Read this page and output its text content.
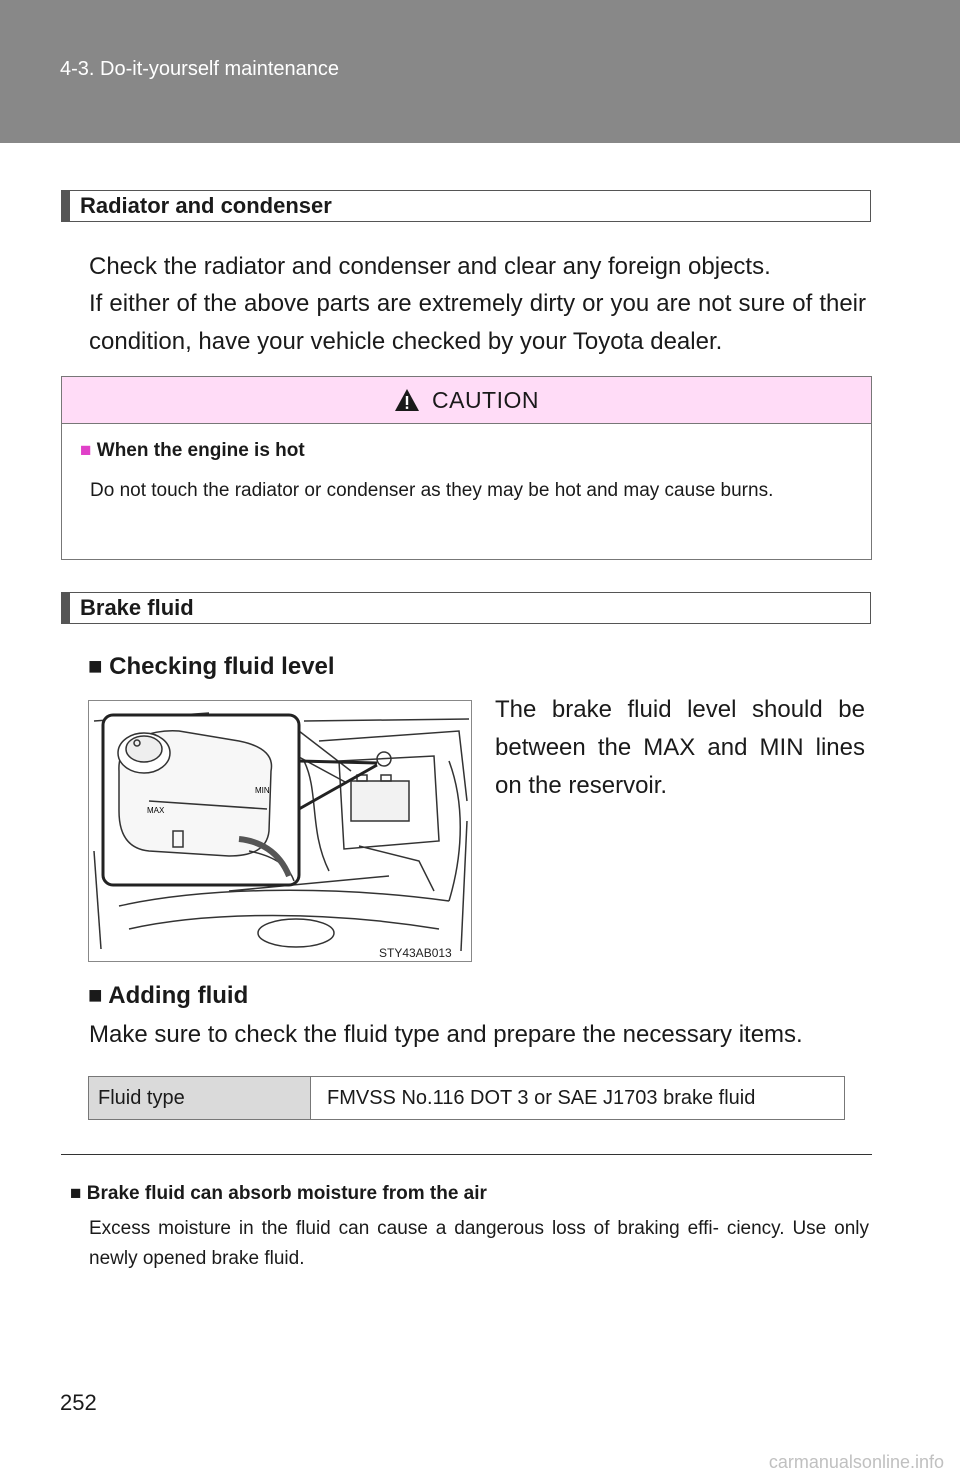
4-3. Do-it-yourself maintenance
Radiator and condenser
Check the radiator and condenser and clear any foreign objects.
If either of the above parts are extremely dirty or you are not sure of their condition, have your vehicle checked by your Toyota dealer.
CAUTION
■ When the engine is hot
Do not touch the radiator or condenser as they may be hot and may cause burns.
Brake fluid
■ Checking fluid level
MAX
MIN
STY43AB013
The brake fluid level should be between the MAX and MIN lines on the reservoir.
■ Adding fluid
Make sure to check the fluid type and prepare the necessary items.
Fluid type	FMVSS No.116 DOT 3 or SAE J1703 brake fluid
■ Brake fluid can absorb moisture from the air
Excess moisture in the fluid can cause a dangerous loss of braking effi- ciency. Use only newly opened brake fluid.
252
carmanualsonline.info
